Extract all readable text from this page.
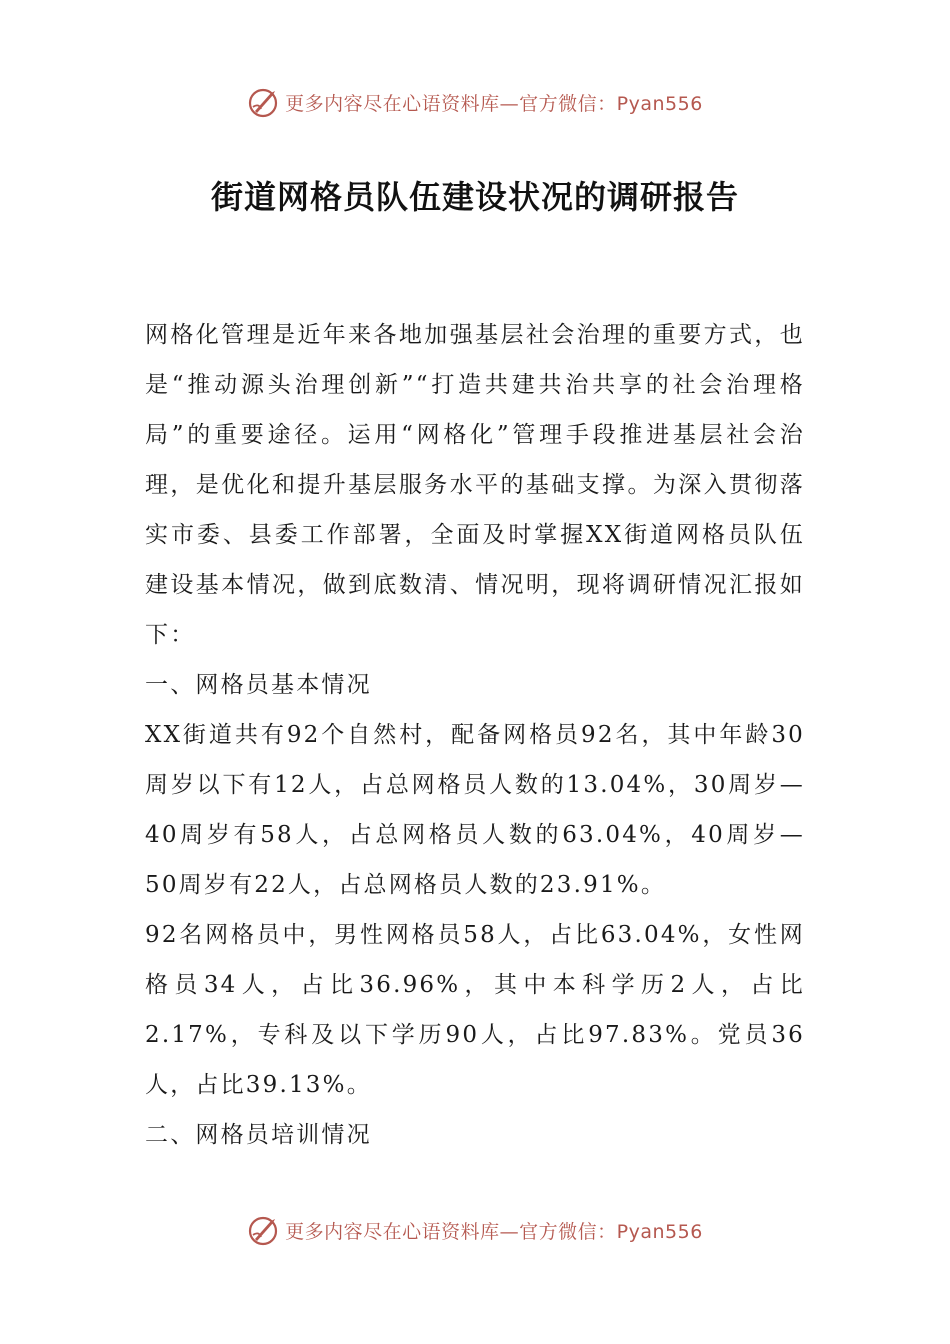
更多内容尽在心语资料库—官方微信：Pyan556
街道网格员队伍建设状况的调研报告

网格化管理是近年来各地加强基层社会治理的重要方式，也是“推动源头治理创新”“打造共建共治共享的社会治理格局”的重要途径。运用“网格化”管理手段推进基层社会治理，是优化和提升基层服务水平的基础支撑。为深入贯彻落实市委、县委工作部署，全面及时掌握XX街道网格员队伍建设基本情况，做到底数清、情况明，现将调研情况汇报如下：

一、网格员基本情况

XX街道共有92个自然村，配备网格员92名，其中年龄30周岁以下有12人，占总网格员人数的13.04%，30周岁—40周岁有58人，占总网格员人数的63.04%，40周岁—50周岁有22人，占总网格员人数的23.91%。

92名网格员中，男性网格员58人，占比63.04%，女性网格员34人，占比36.96%，其中本科学历2人，占比2.17%，专科及以下学历90人，占比97.83%。党员36人，占比39.13%。

二、网格员培训情况

更多内容尽在心语资料库—官方微信：Pyan556
